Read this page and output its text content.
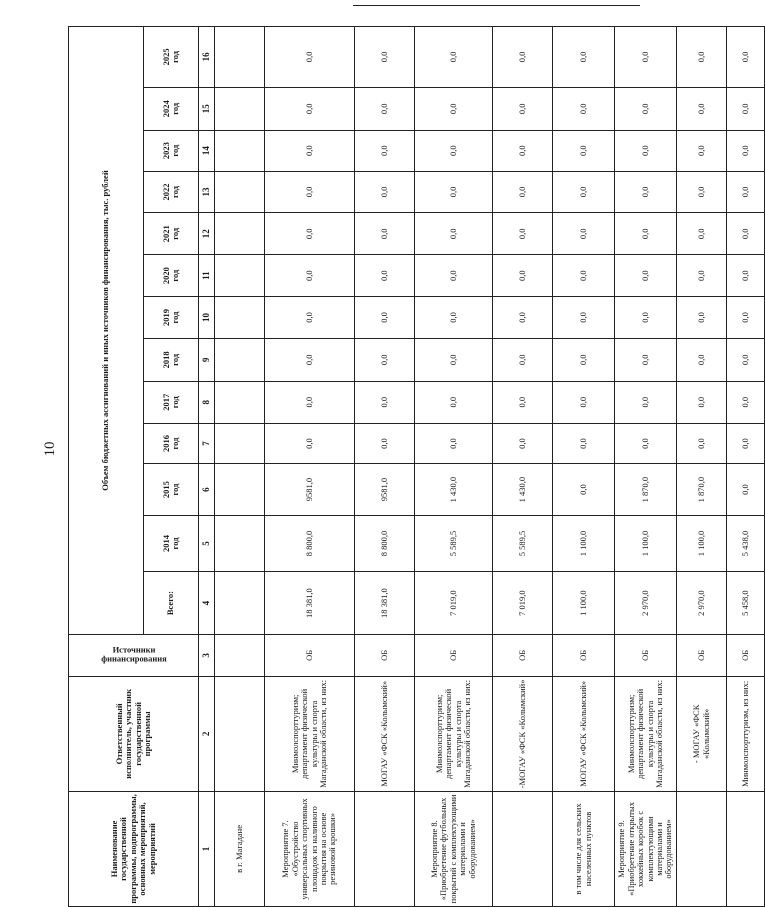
10
Наименование государственной программы, подпрограммы, основных мероприятий, мероприятий	Ответственный исполнитель, участник государственной программы	Источники финансирования	Объем бюджетных ассигнований и иных источников финансирования, тыс. рублей												
			Всего:	2014 год	2015 год	2016 год	2017 год	2018 год	2019 год	2020 год	2021 год	2022 год	2023 год	2024 год	2025 год

1	2	3	4	5	6	7	8	9	10	11	12	13	14	15	16
в г. Магадане															
Мероприятие 7. «Обустройство универсальных спортивных площадок из наливного покрытия на основе резиновой крошки»	Минмолспорттуризм; департамент физической культуры и спорта Магаданской области, из них:	ОБ	18 381,0	8 800,0	9581,0	0,0	0,0	0,0	0,0	0,0	0,0	0,0	0,0	0,0	0,0
	МОГАУ «ФСК «Колымский»	ОБ	18 381,0	8 800,0	9581,0	0,0	0,0	0,0	0,0	0,0	0,0	0,0	0,0	0,0	0,0
Мероприятие 8. «Приобретение футбольных покрытий с комплектующими материалами и оборудованием»	Минмолспорттуризм; департамент физической культуры и спорта Магаданской области, из них:	ОБ	7 019,0	5 589,5	1 430,0	0,0	0,0	0,0	0,0	0,0	0,0	0,0	0,0	0,0	0,0
	-МОГАУ «ФСК «Колымский»	ОБ	7 019,0	5 589,5	1 430,0	0,0	0,0	0,0	0,0	0,0	0,0	0,0	0,0	0,0	0,0
в том числе для сельских населенных пунктов	МОГАУ «ФСК «Колымский»	ОБ	1 100,0	1 100,0	0,0	0,0	0,0	0,0	0,0	0,0	0,0	0,0	0,0	0,0	0,0
Мероприятие 9. «Приобретение открытых хоккейных коробок с комплектующими материалами и оборудованием»	Минмолспорттуризм; департамент физической культуры и спорта Магаданской области, из них:	ОБ	2 970,0	1 100,0	1 870,0	0,0	0,0	0,0	0,0	0,0	0,0	0,0	0,0	0,0	0,0
	- МОГАУ «ФСК «Колымский»	ОБ	2 970,0	1 100,0	1 870,0	0,0	0,0	0,0	0,0	0,0	0,0	0,0	0,0	0,0	0,0
	Минмолспорттуризм, из них:	ОБ	5 458,0	5 438,0	0,0	0,0	0,0	0,0	0,0	0,0	0,0	0,0	0,0	0,0	0,0
